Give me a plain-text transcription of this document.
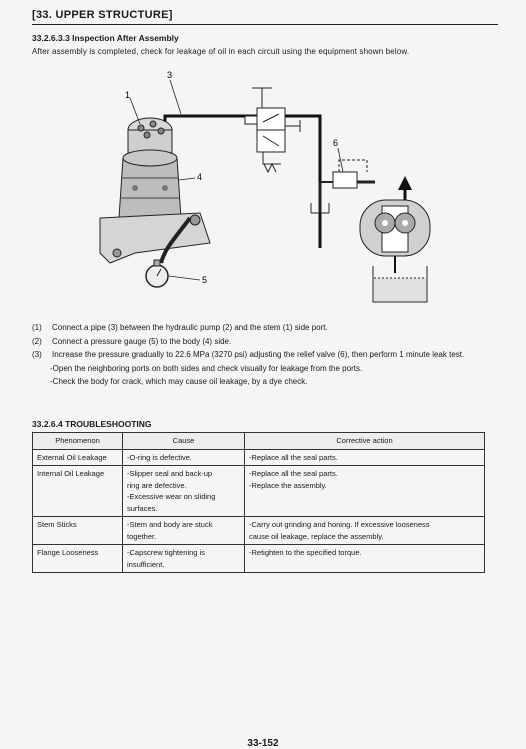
[33. UPPER STRUCTURE]
33.2.6.3.3 Inspection After Assembly
After assembly is completed, check for leakage of oil in each circuit using the equipment shown below.
3
1
4
5
6
(1) Connect a pipe (3) between the hydraulic pump (2) and the stem (1) side port.
(2) Connect a pressure gauge (5) to the body (4) side.
(3) Increase the pressure gradually to 22.6 MPa (3270 psi) adjusting the relief valve (6), then perform 1 minute leak test.
-Open the neighboring ports on both sides and check visually for leakage from the ports.
-Check the body for crack, which may cause oil leakage, by a dye check.
33.2.6.4 TROUBLESHOOTING
Phenomenon	Cause	Corrective action
External Oil Leakage	-O-ring is defective.	-Replace all the seal parts.

Internal Oil Leakage	-Slipper seal and back-up
ring are defective.
-Excessive wear on sliding
surfaces.	-Replace all the seal parts.
-Replace the assembly.

Stem Sticks	-Stem and body are stuck
together.	-Carry out grinding and honing. If excessive looseness
cause oil leakage, replace the assembly.

Flange Looseness	-Capscrew tightening is
insufficient.	-Retighten to the specified torque.
33-152
